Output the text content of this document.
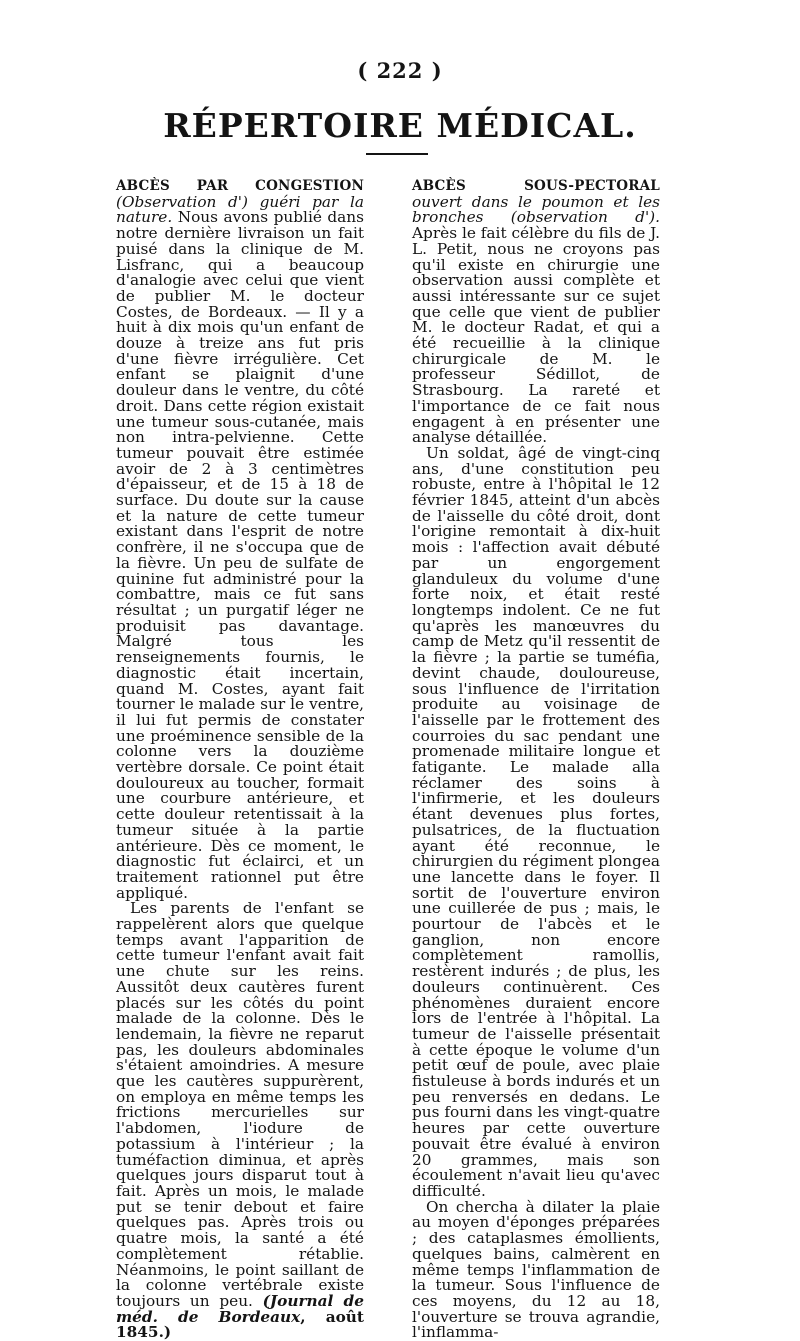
( 222 )
RÉPERTOIRE MÉDICAL.

ABCÈS PAR CONGESTION (Observation d') guéri par la nature. Nous avons publié dans notre dernière livraison un fait puisé dans la clinique de M. Lisfranc, qui a beaucoup d'analogie avec celui que vient de publier M. le docteur Costes, de Bordeaux. — Il y a huit à dix mois qu'un enfant de douze à treize ans fut pris d'une fièvre irrégulière. Cet enfant se plaignit d'une douleur dans le ventre, du côté droit. Dans cette région existait une tumeur sous-cutanée, mais non intra-pelvienne. Cette tumeur pouvait être estimée avoir de 2 à 3 centimètres d'épaisseur, et de 15 à 18 de surface. Du doute sur la cause et la nature de cette tumeur existant dans l'esprit de notre confrère, il ne s'occupa que de la fièvre. Un peu de sulfate de quinine fut administré pour la combattre, mais ce fut sans résultat ; un purgatif léger ne produisit pas davantage. Malgré tous les renseignements fournis, le diagnostic était incertain, quand M. Costes, ayant fait tourner le malade sur le ventre, il lui fut permis de constater une proéminence sensible de la colonne vers la douzième vertèbre dorsale. Ce point était douloureux au toucher, formait une courbure antérieure, et cette douleur retentissait à la tumeur située à la partie antérieure. Dès ce moment, le diagnostic fut éclairci, et un traitement rationnel put être appliqué.

Les parents de l'enfant se rappelèrent alors que quelque temps avant l'apparition de cette tumeur l'enfant avait fait une chute sur les reins. Aussitôt deux cautères furent placés sur les côtés du point malade de la colonne. Dès le lendemain, la fièvre ne reparut pas, les douleurs abdominales s'étaient amoindries. A mesure que les cautères suppurèrent, on employa en même temps les frictions mercurielles sur l'abdomen, l'iodure de potassium à l'intérieur ; la tuméfaction diminua, et après quelques jours disparut tout à fait. Après un mois, le malade put se tenir debout et faire quelques pas. Après trois ou quatre mois, la santé a été complètement rétablie. Néanmoins, le point saillant de la colonne vertébrale existe toujours un peu. (Journal de méd. de Bordeaux, août 1845.)

ABCÈS SOUS-PECTORAL ouvert dans le poumon et les bronches (observation d'). Après le fait célèbre du fils de J. L. Petit, nous ne croyons pas qu'il existe en chirurgie une observation aussi complète et aussi intéressante sur ce sujet que celle que vient de publier M. le docteur Radat, et qui a été recueillie à la clinique chirurgicale de M. le professeur Sédillot, de Strasbourg. La rareté et l'importance de ce fait nous engagent à en présenter une analyse détaillée.

Un soldat, âgé de vingt-cinq ans, d'une constitution peu robuste, entre à l'hôpital le 12 février 1845, atteint d'un abcès de l'aisselle du côté droit, dont l'origine remontait à dix-huit mois : l'affection avait débuté par un engorgement glanduleux du volume d'une forte noix, et était resté longtemps indolent. Ce ne fut qu'après les manœuvres du camp de Metz qu'il ressentit de la fièvre ; la partie se tuméfia, devint chaude, douloureuse, sous l'influence de l'irritation produite au voisinage de l'aisselle par le frottement des courroies du sac pendant une promenade militaire longue et fatigante. Le malade alla réclamer des soins à l'infirmerie, et les douleurs étant devenues plus fortes, pulsatrices, de la fluctuation ayant été reconnue, le chirurgien du régiment plongea une lancette dans le foyer. Il sortit de l'ouverture environ une cuillerée de pus ; mais, le pourtour de l'abcès et le ganglion, non encore complètement ramollis, restèrent indurés ; de plus, les douleurs continuèrent. Ces phénomènes duraient encore lors de l'entrée à l'hôpital. La tumeur de l'aisselle présentait à cette époque le volume d'un petit œuf de poule, avec plaie fistuleuse à bords indurés et un peu renversés en dedans. Le pus fourni dans les vingt-quatre heures par cette ouverture pouvait être évalué à environ 20 grammes, mais son écoulement n'avait lieu qu'avec difficulté.

On chercha à dilater la plaie au moyen d'éponges préparées ; des cataplasmes émollients, quelques bains, calmèrent en même temps l'inflammation de la tumeur. Sous l'influence de ces moyens, du 12 au 18, l'ouverture se trouva agrandie, l'inflamma-
